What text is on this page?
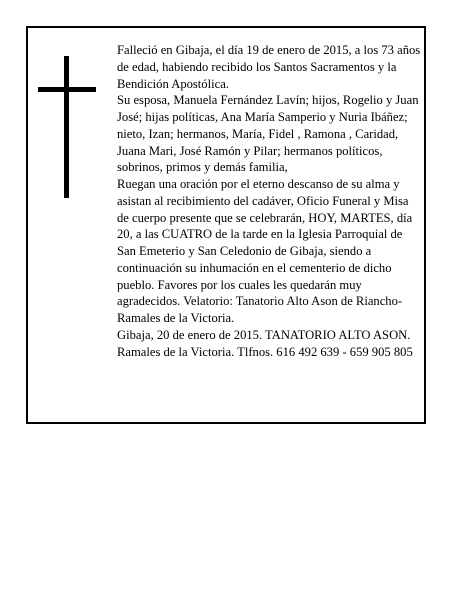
Falleció en Gibaja, el día 19 de enero de 2015, a los 73 años de edad, habiendo recibido los Santos Sacramentos y la Bendición Apostólica.

Su esposa, Manuela Fernández Lavín; hijos, Rogelio y Juan José; hijas políticas, Ana María Samperio y Nuria Ibáñez; nieto, Izan; hermanos, María, Fidel , Ramona , Caridad, Juana Mari, José Ramón y Pilar; hermanos políticos, sobrinos, primos y demás familia,

Ruegan una oración por el eterno descanso de su alma y asistan al recibimiento del cadáver, Oficio Funeral y Misa de cuerpo presente que se celebrarán, HOY, MARTES, día 20, a las CUATRO de la tarde en la Iglesia Parroquial de San Emeterio y San Celedonio de Gibaja, siendo a continuación su inhumación en el cementerio de dicho pueblo. Favores por los cuales les quedarán muy agradecidos. Velatorio: Tanatorio Alto Ason de Riancho-Ramales de la Victoria.

Gibaja, 20 de enero de 2015. TANATORIO ALTO ASON. Ramales de la Victoria. Tlfnos. 616 492 639 - 659 905 805
